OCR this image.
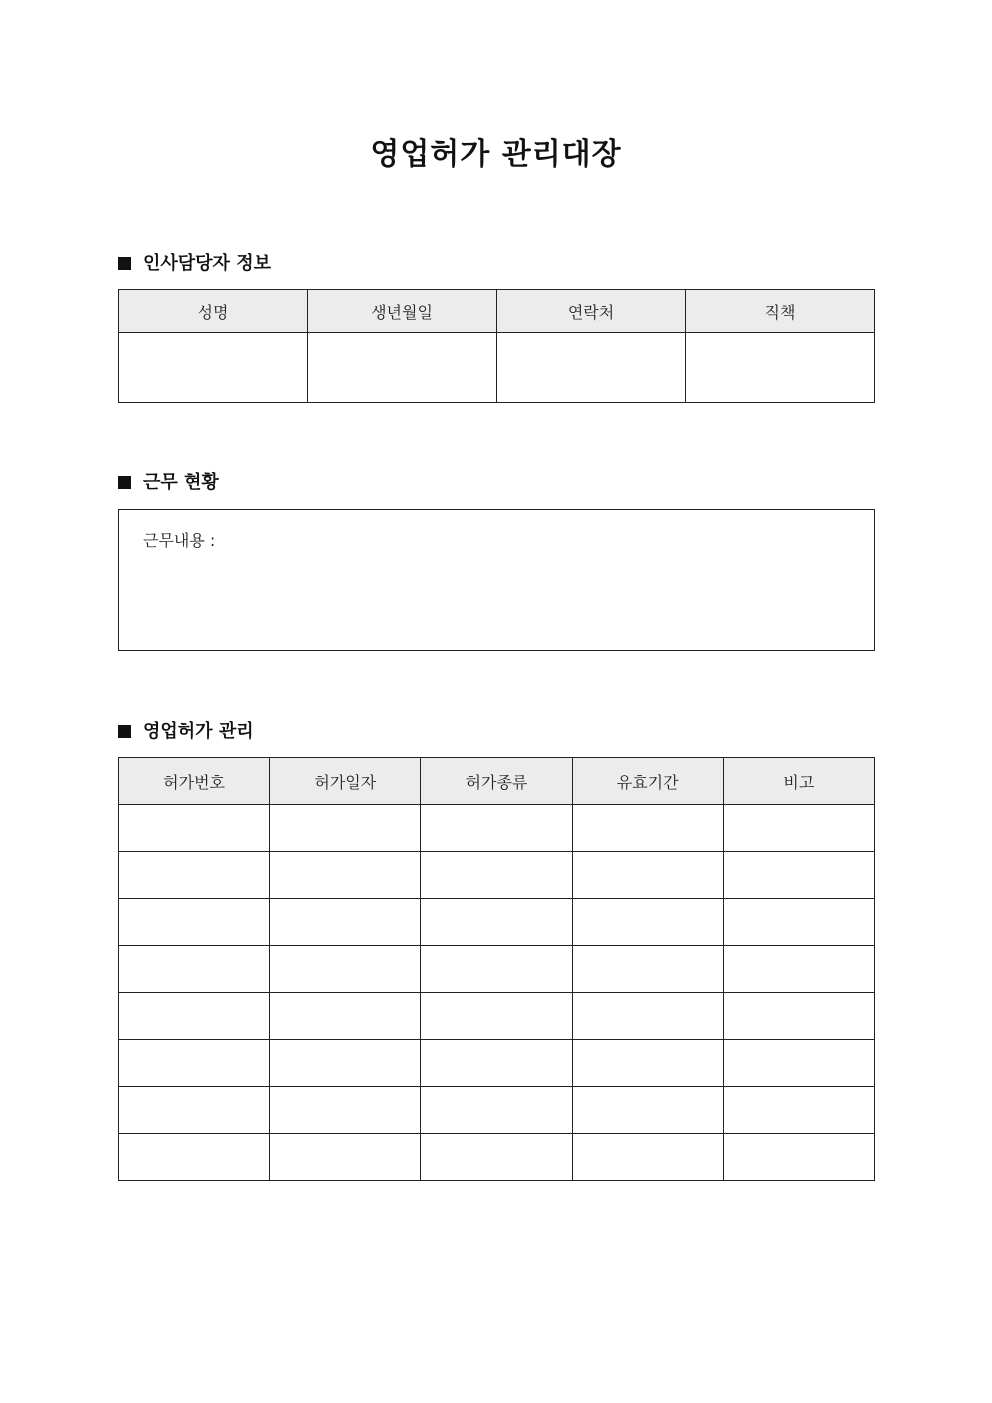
영업허가 관리대장
인사담당자 정보
성명	생년월일	연락처	직책

근무 현황
근무내용 :
영업허가 관리
허가번호	허가일자	허가종류	유효기간	비고
